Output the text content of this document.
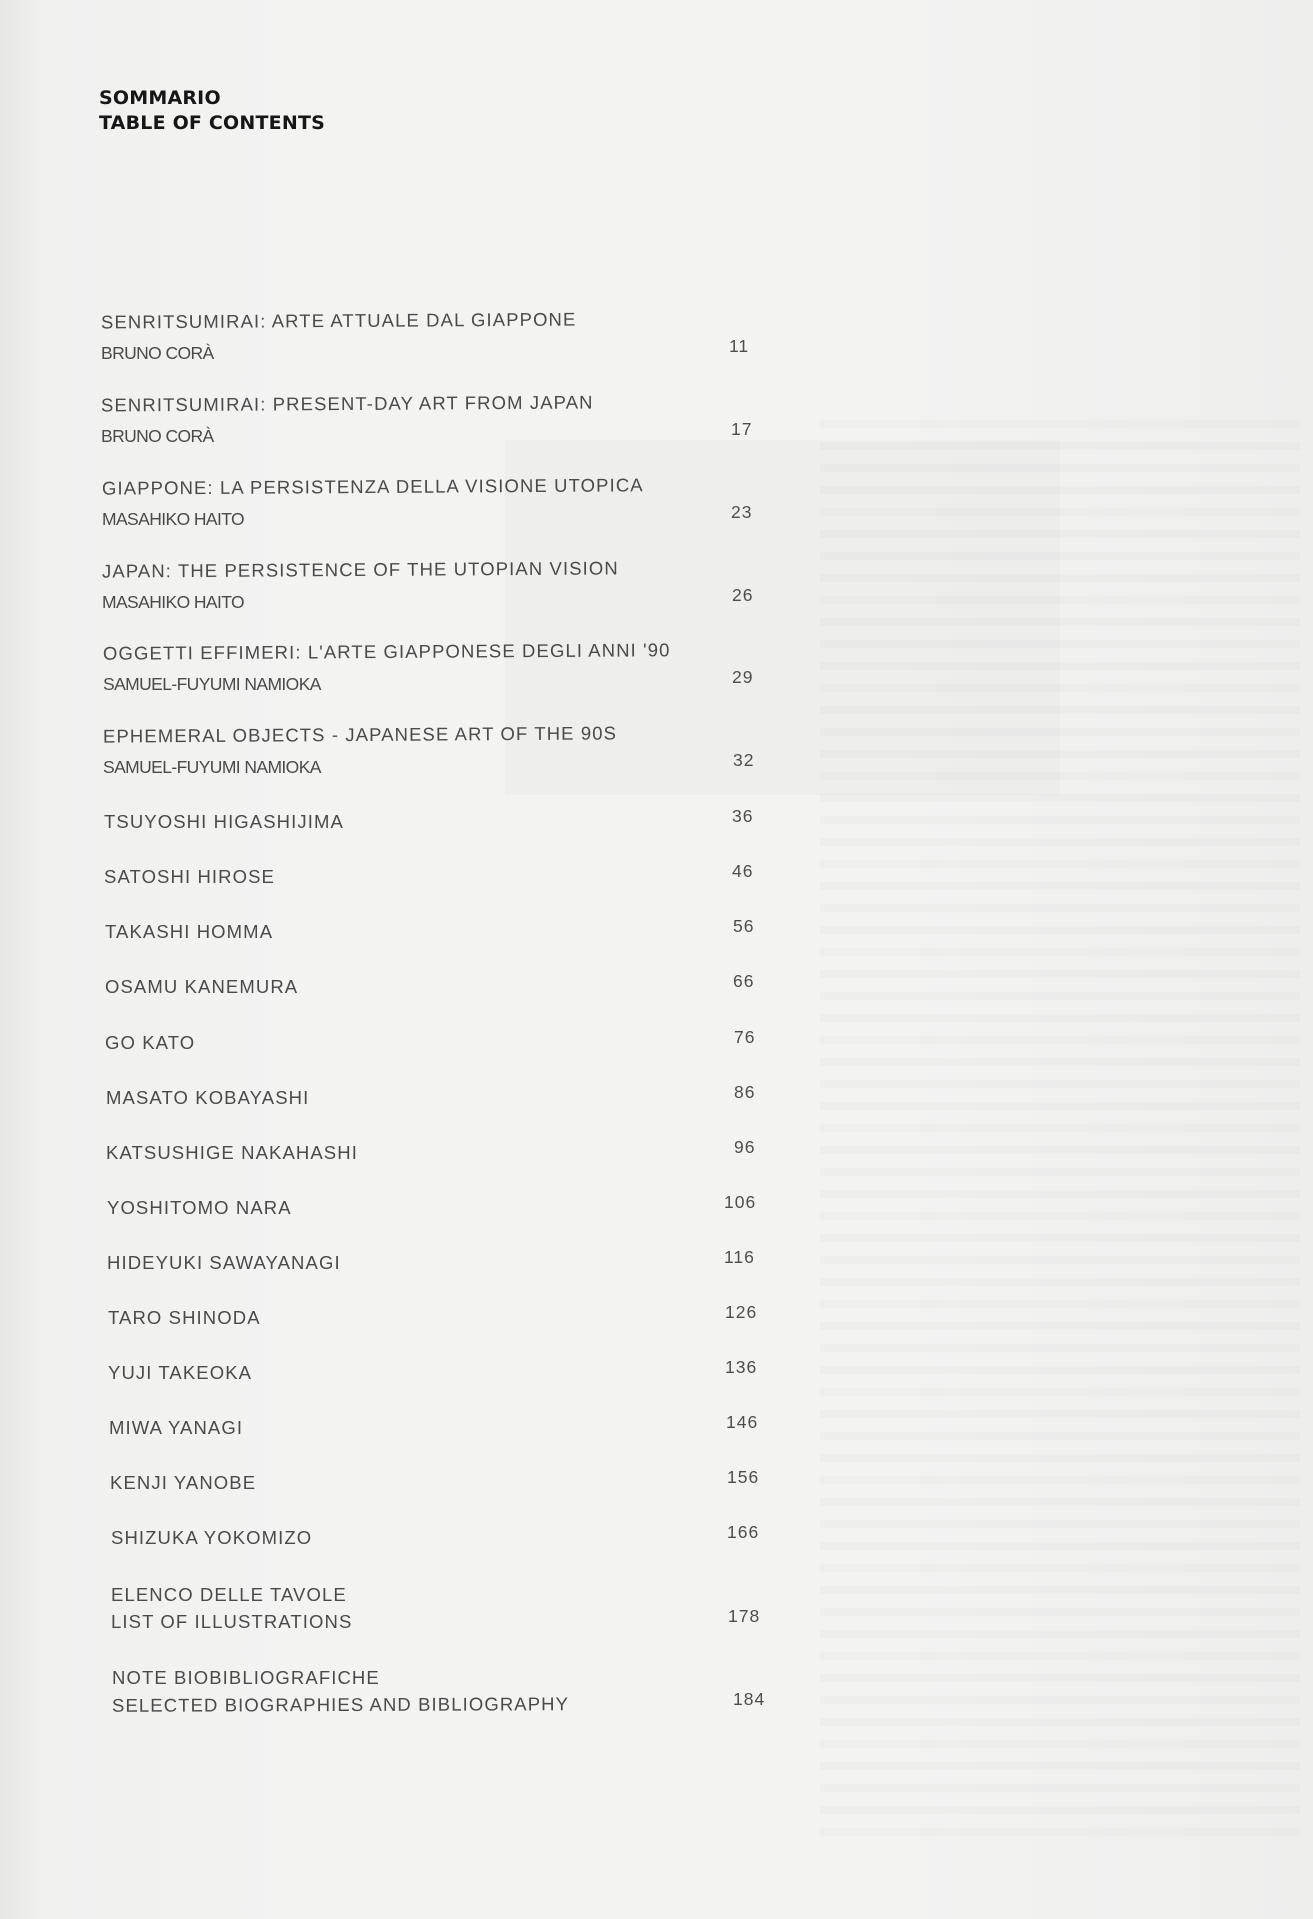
SOMMARIO
TABLE OF CONTENTS
SENRITSUMIRAI: ARTE ATTUALE DAL GIAPPONE
BRUNO CORÀ	11
SENRITSUMIRAI: PRESENT-DAY ART FROM JAPAN
BRUNO CORÀ	17
GIAPPONE: LA PERSISTENZA DELLA VISIONE UTOPICA
MASAHIKO HAITO	23
JAPAN: THE PERSISTENCE OF THE UTOPIAN VISION
MASAHIKO HAITO	26
OGGETTI EFFIMERI: L'ARTE GIAPPONESE DEGLI ANNI '90
SAMUEL-FUYUMI NAMIOKA	29
EPHEMERAL OBJECTS - JAPANESE ART OF THE 90S
SAMUEL-FUYUMI NAMIOKA	32
TSUYOSHI HIGASHIJIMA	36
SATOSHI HIROSE	46
TAKASHI HOMMA	56
OSAMU KANEMURA	66
GO KATO	76
MASATO KOBAYASHI	86
KATSUSHIGE NAKAHASHI	96
YOSHITOMO NARA	106
HIDEYUKI SAWAYANAGI	116
TARO SHINODA	126
YUJI TAKEOKA	136
MIWA YANAGI	146
KENJI YANOBE	156
SHIZUKA YOKOMIZO	166
ELENCO DELLE TAVOLE
LIST OF ILLUSTRATIONS	178
NOTE BIOBIBLIOGRAFICHE
SELECTED BIOGRAPHIES AND BIBLIOGRAPHY	184
